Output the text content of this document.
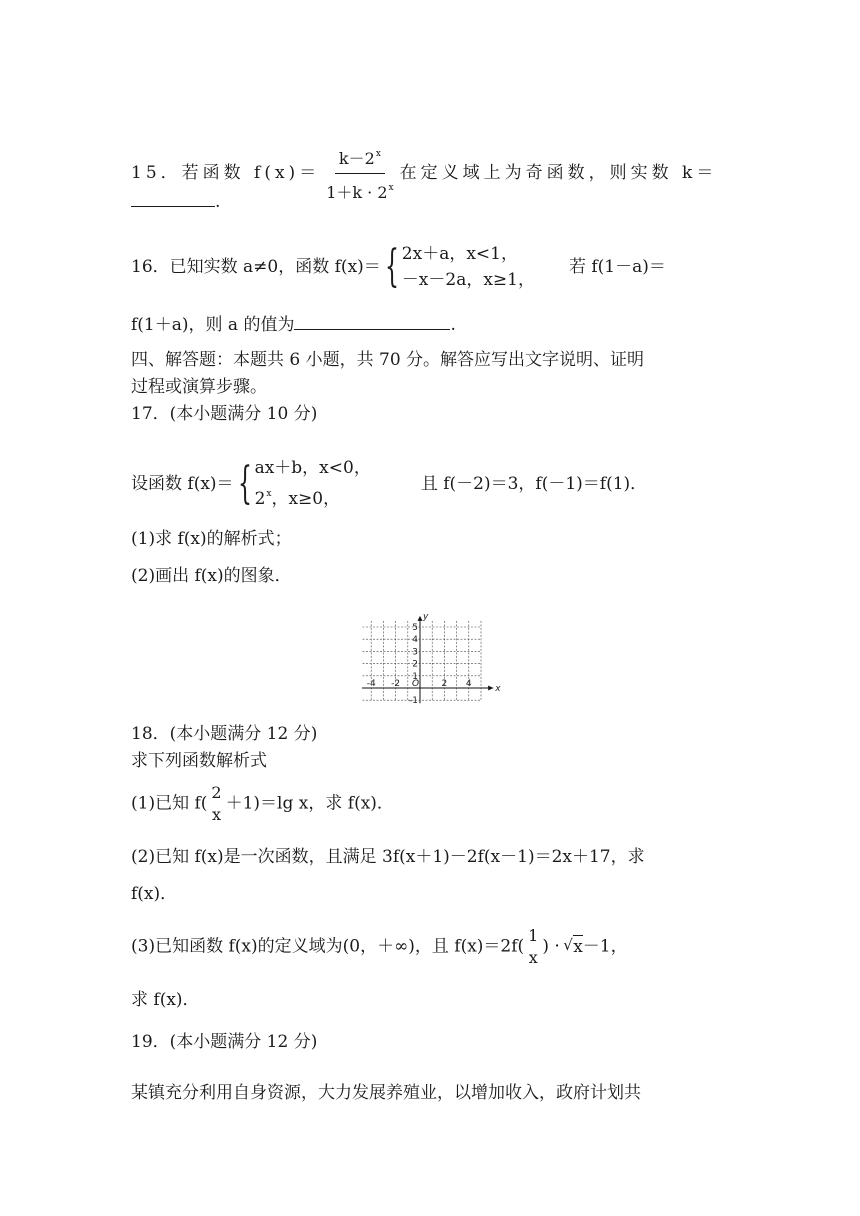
15．若函数 $f(x)= \frac{k-2^x}{1+k \cdot 2^x}$ 在定义域上为奇函数，则实数 k＝
.
16． 已知实数 a≠0，函数 f(x)＝ { 2x＋a，x<1，
－x－2a，x≥1，
若 f(1－a)＝
f(1＋a)，则 a 的值为	.
四、解答题：本题共 6 小题，共 70 分。解答应写出文字说明、证明
过程或演算步骤。
17．(本小题满分 10 分)
设函数 f(x)＝ { ax＋b，x<0，
2$^x$，x≥0，
且 f(－2)＝3，f(－1)＝f(1)．
(1)求 f(x)的解析式；
(2)画出 f(x)的图象．
x
y
O
-4 -2	2 4
5
4
3
2
1
-1
18．(本小题满分 12 分)
求下列函数解析式
(1)已知 f(
2
x
＋1)＝lg x，求 f(x)．
(2)已知 f(x)是一次函数，且满足 3f(x＋1)－2f(x－1)＝2x＋17，求
f(x)．
(3)已知函数 f(x)的定义域为(0，＋∞)，且 f(x)＝2f(
1
x
) · √ x－1，
求 f(x)．
19．(本小题满分 12 分)
某镇充分利用自身资源，大力发展养殖业，以增加收入，政府计划共
